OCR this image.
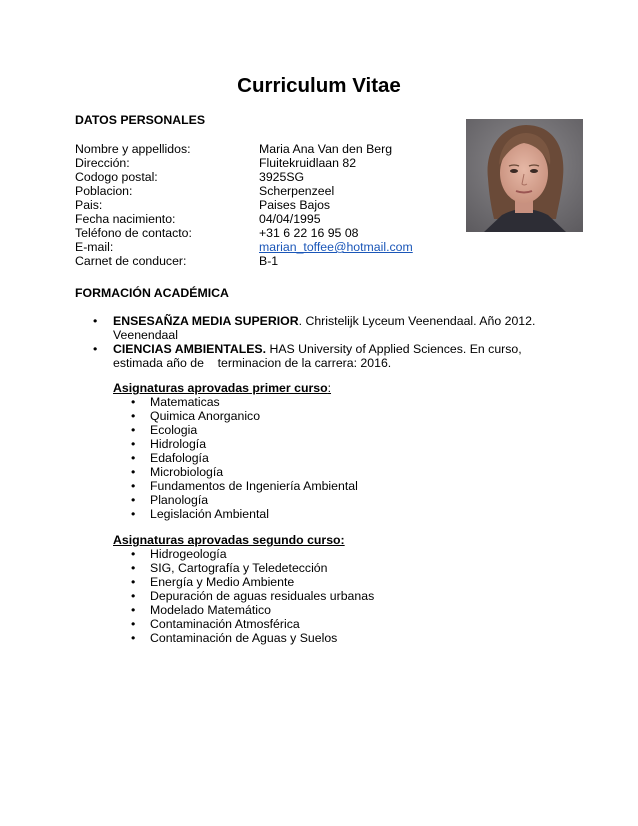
Curriculum Vitae
DATOS PERSONALES
Nombre y appellidos:	Maria Ana Van den Berg
Dirección:	Fluitekruidlaan 82
Codogo postal:	3925SG
Poblacion:	Scherpenzeel
Pais:	Paises Bajos
Fecha nacimiento:	04/04/1995
Teléfono de contacto:	+31 6 22 16 95 08
E-mail:	marian_toffee@hotmail.com
Carnet de conducer:	B-1
FORMACIÓN ACADÉMICA
• ENSESAÑZA MEDIA SUPERIOR. Christelijk Lyceum Veenendaal. Año 2012. Veenendaal
• CIENCIAS AMBIENTALES. HAS University of Applied Sciences. En curso, estimada año de    terminacion de la carrera: 2016.
Asignaturas aprovadas primer curso:
• Matematicas
• Quimica Anorganico
• Ecologia
• Hidrología
• Edafología
• Microbiología
• Fundamentos de Ingeniería Ambiental
• Planología
• Legislación Ambiental
Asignaturas aprovadas segundo curso:
• Hidrogeología
• SIG, Cartografía y Teledetección
• Energía y Medio Ambiente
• Depuración de aguas residuales urbanas
• Modelado Matemático
• Contaminación Atmosférica
• Contaminación de Aguas y Suelos
